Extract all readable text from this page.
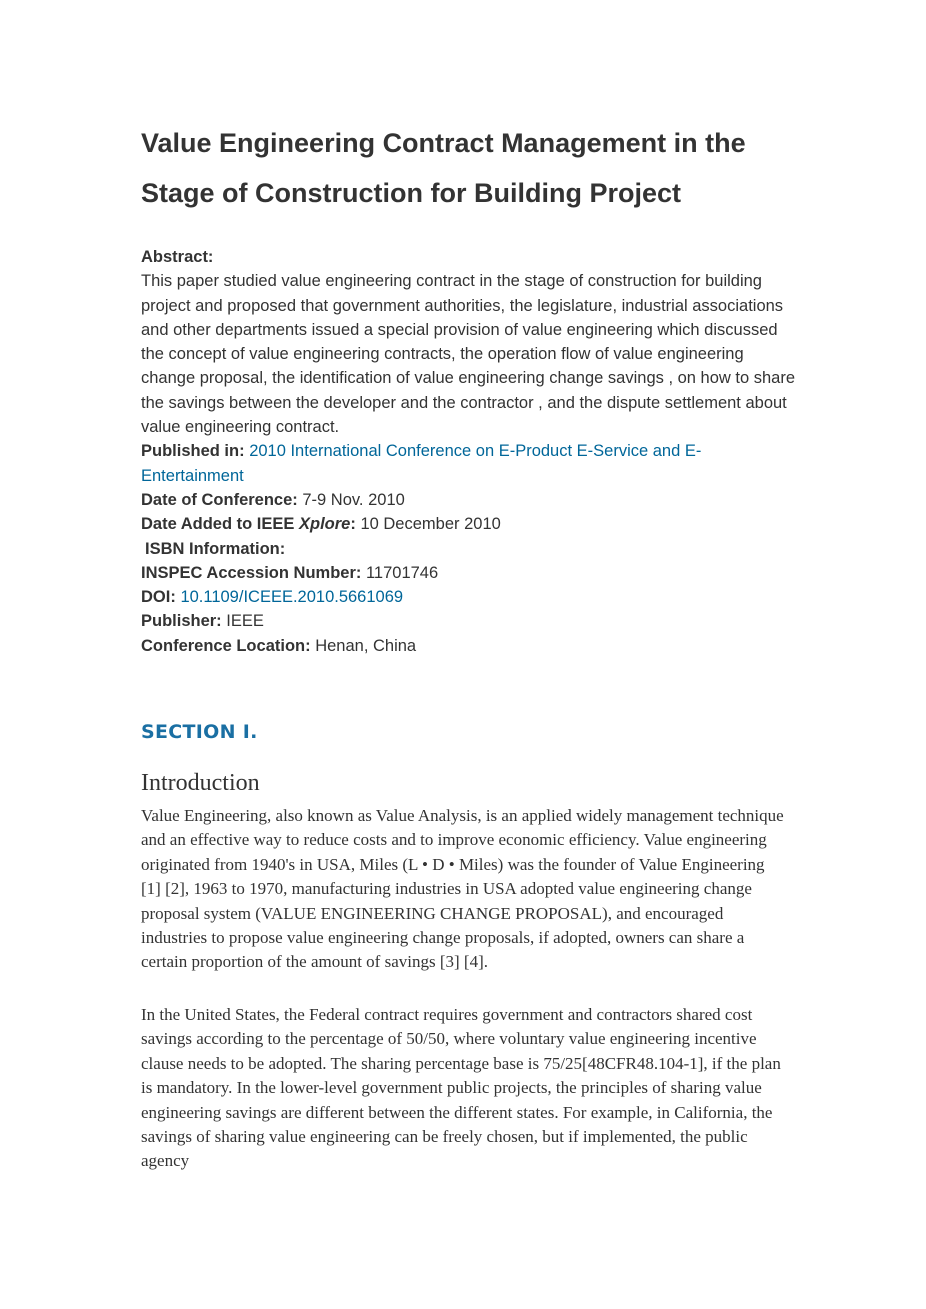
Value Engineering Contract Management in the Stage of Construction for Building Project
Abstract:
This paper studied value engineering contract in the stage of construction for building project and proposed that government authorities, the legislature, industrial associations and other departments issued a special provision of value engineering which discussed the concept of value engineering contracts, the operation flow of value engineering change proposal, the identification of value engineering change savings , on how to share the savings between the developer and the contractor , and the dispute settlement about value engineering contract.
Published in: 2010 International Conference on E-Product E-Service and E-Entertainment
Date of Conference: 7-9 Nov. 2010
Date Added to IEEE Xplore: 10 December 2010
ISBN Information:
INSPEC Accession Number: 11701746
DOI: 10.1109/ICEEE.2010.5661069
Publisher: IEEE
Conference Location: Henan, China
SECTION I.
Introduction

Value Engineering, also known as Value Analysis, is an applied widely management technique and an effective way to reduce costs and to improve economic efficiency. Value engineering originated from 1940's in USA, Miles (L • D • Miles) was the founder of Value Engineering [1] [2], 1963 to 1970, manufacturing industries in USA adopted value engineering change proposal system (VALUE ENGINEERING CHANGE PROPOSAL), and encouraged industries to propose value engineering change proposals, if adopted, owners can share a certain proportion of the amount of savings [3] [4].

In the United States, the Federal contract requires government and contractors shared cost savings according to the percentage of 50/50, where voluntary value engineering incentive clause needs to be adopted. The sharing percentage base is 75/25[48CFR48.104-1], if the plan is mandatory. In the lower-level government public projects, the principles of sharing value engineering savings are different between the different states. For example, in California, the savings of sharing value engineering can be freely chosen, but if implemented, the public agency
